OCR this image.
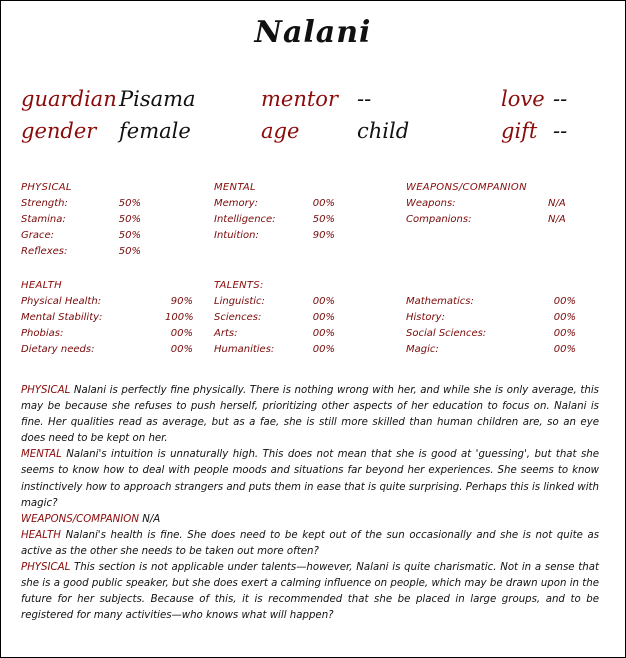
Nalani
guardian Pisama	mentor --	love --
gender female	age	child	gift --
PHYSICAL
Strength:	50%
Stamina:	50%
Grace:	50%
Reflexes:	50%
MENTAL
Memory:	00%
Intelligence:	50%
Intuition:	90%
WEAPONS/COMPANION
Weapons:	N/A
Companions:	N/A
HEALTH
Physical Health:	90%
Mental Stability:	100%
Phobias:	00%
Dietary needs:	00%
TALENTS:
Linguistic:	00%
Sciences:	00%
Arts:	00%
Humanities:	00%
Mathematics:	00%
History:	00%
Social Sciences:	00%
Magic:	00%

PHYSICAL Nalani is perfectly fine physically. There is nothing wrong with her, and while she is only average, this may be because she refuses to push herself, prioritizing other aspects of her education to focus on. Nalani is fine. Her qualities read as average, but as a fae, she is still more skilled than human children are, so an eye does need to be kept on her.

MENTAL Nalani's intuition is unnaturally high. This does not mean that she is good at 'guessing', but that she seems to know how to deal with people moods and situations far beyond her experiences. She seems to know instinctively how to approach strangers and puts them in ease that is quite surprising. Perhaps this is linked with magic?

WEAPONS/COMPANION N/A

HEALTH Nalani's health is fine. She does need to be kept out of the sun occasionally and she is not quite as active as the other she needs to be taken out more often?

PHYSICAL This section is not applicable under talents—however, Nalani is quite charismatic. Not in a sense that she is a good public speaker, but she does exert a calming influence on people, which may be drawn upon in the future for her subjects. Because of this, it is recommended that she be placed in large groups, and to be registered for many activities—who knows what will happen?
